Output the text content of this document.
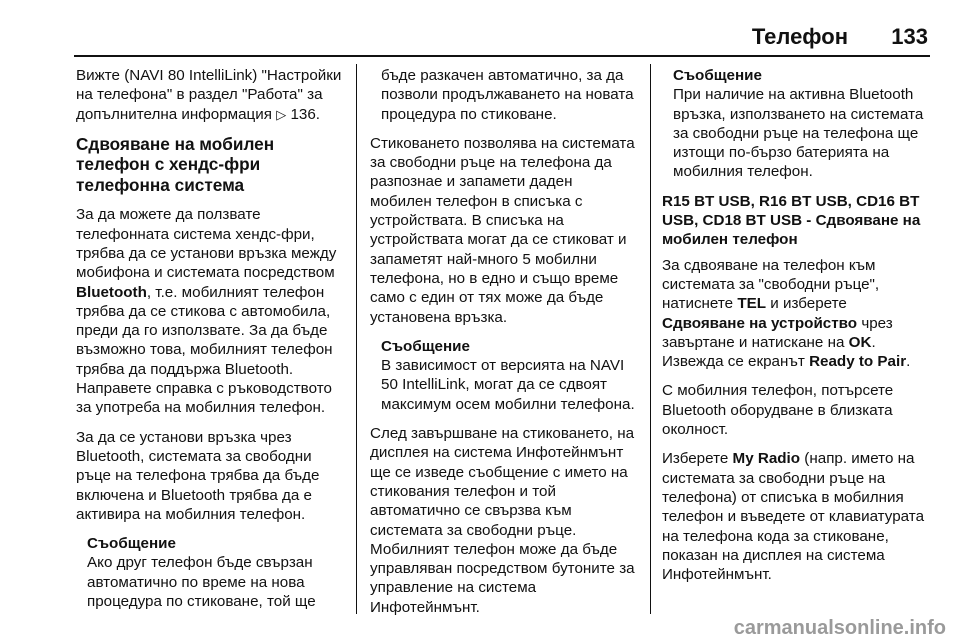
Телефон 133

Вижте (NAVI 80 IntelliLink) "Настройки на телефона" в раздел "Работа" за допълнителна информация ▷ 136.

Сдвояване на мобилен телефон с хендс-фри телефонна система

За да можете да ползвате телефонната система хендс-фри, трябва да се установи връзка между мобифона и системата посредством Bluetooth, т.е. мобилният телефон трябва да се стикова с автомобила, преди да го използвате. За да бъде възможно това, мобилният телефон трябва да поддържа Bluetooth. Направете справка с ръководството за употреба на мобилния телефон.

За да се установи връзка чрез Bluetooth, системата за свободни ръце на телефона трябва да бъде включена и Bluetooth трябва да е активира на мобилния телефон.

Съобщение
Ако друг телефон бъде свързан автоматично по време на нова процедура по стиковане, той ще
бъде разкачен автоматично, за да позволи продължаването на новата процедура по стиковане.

Стиковането позволява на системата за свободни ръце на телефона да разпознае и запамети даден мобилен телефон в списъка с устройствата. В списъка на устройствата могат да се стиковат и запаметят най-много 5 мобилни телефона, но в едно и също време само с един от тях може да бъде установена връзка.

Съобщение
В зависимост от версията на NAVI 50 IntelliLink, могат да се сдвоят максимум осем мобилни телефона.

След завършване на стиковането, на дисплея на система Инфотейнмънт ще се изведе съобщение с името на стикования телефон и той автоматично се свързва към системата за свободни ръце. Мобилният телефон може да бъде управляван посредством бутоните за управление на система Инфотейнмънт.

Съобщение
При наличие на активна Bluetooth връзка, използването на системата за свободни ръце на телефона ще изтощи по-бързо батерията на мобилния телефон.
R15 BT USB, R16 BT USB, CD16 BT USB, CD18 BT USB - Сдвояване на мобилен телефон

За сдвояване на телефон към системата за "свободни ръце", натиснете TEL и изберете Сдвояване на устройство чрез завъртане и натискане на OK. Извежда се екранът Ready to Pair.

С мобилния телефон, потърсете Bluetooth оборудване в близката околност.

Изберете My Radio (напр. името на системата за свободни ръце на телефона) от списъка в мобилния телефон и въведете от клавиатурата на телефона кода за стиковане, показан на дисплея на система Инфотейнмънт.

carmanualsonline.info
